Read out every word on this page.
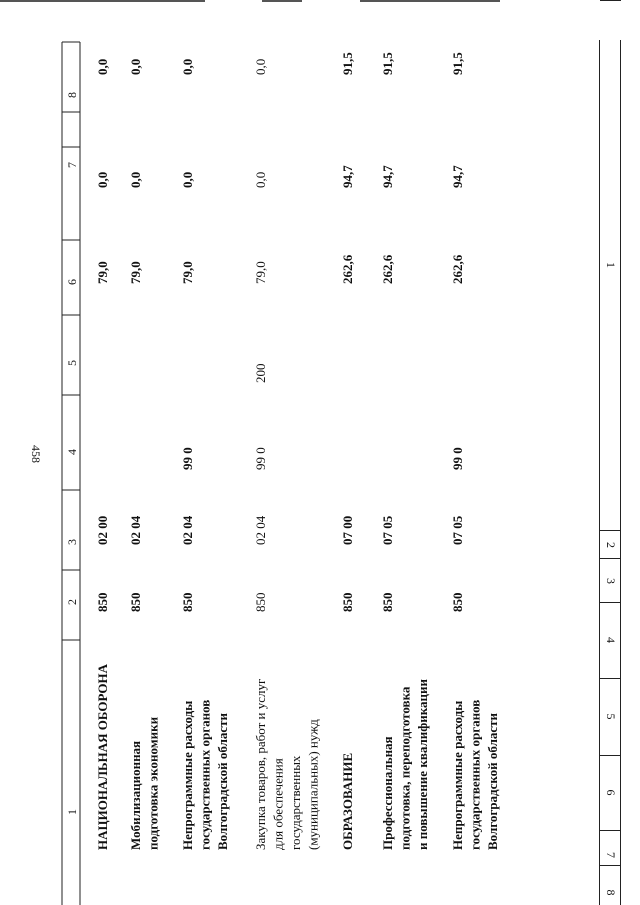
458
1
2
3
4
5
6
7
8
1
2
3
4
5
6
7
8
НАЦИОНАЛЬНАЯ ОБОРОНА
850
02 00
79,0
0,0
0,0
Мобилизационная подготовка экономики
850
02 04
79,0
0,0
0,0
Непрограммные расходы государственных органов Волгоградской области
850
02 04
99 0
79,0
0,0
0,0
Закупка товаров, работ и услуг для обеспечения государственных (муниципальных) нужд
850
02 04
99 0
200
79,0
0,0
0,0
ОБРАЗОВАНИЕ
850
07 00
262,6
94,7
91,5
Профессиональная подготовка, переподготовка и повышение квалификации
850
07 05
262,6
94,7
91,5
Непрограммные расходы государственных органов Волгоградской области
850
07 05
99 0
262,6
94,7
91,5
